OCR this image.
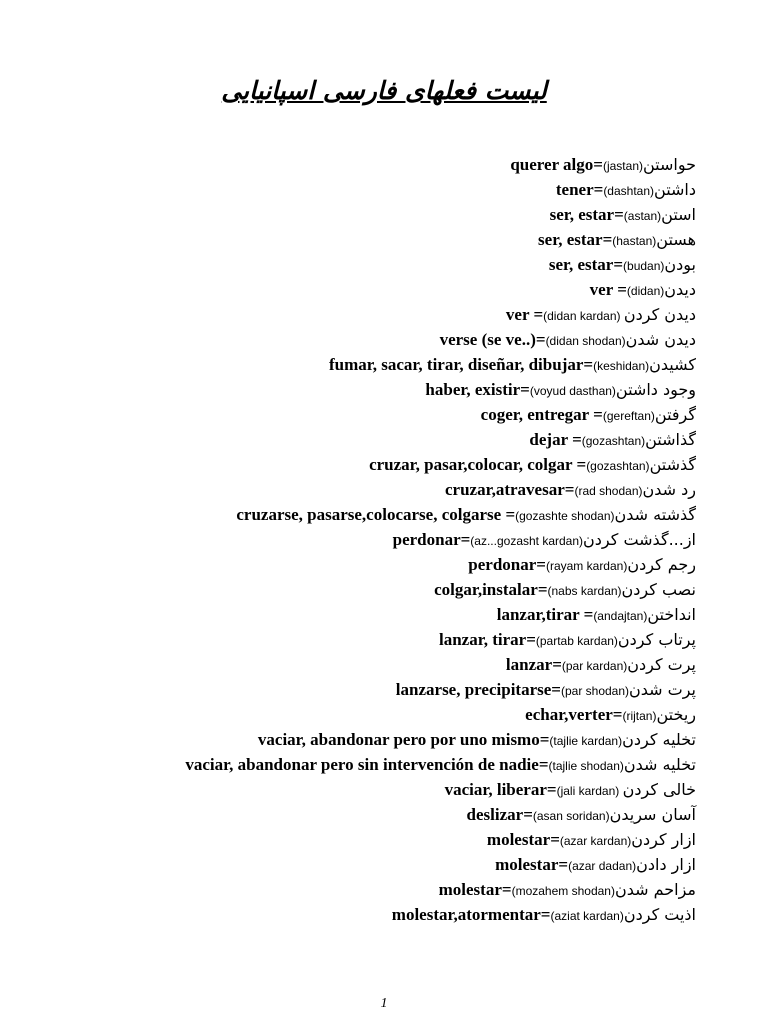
لیست فعلهای فارسی اسپانیایی
querer algo=(jastan)حواستن
tener=(dashtan)داشتن
ser, estar=(astan)استن
ser, estar=(hastan)هستن
ser, estar=(budan)بودن
ver =(didan)دیدن
ver =(didan kardan) دیدن کردن
verse (se ve..)=(didan shodan)دیدن شدن
fumar, sacar, tirar, diseñar, dibujar=(keshidan)کشیدن
haber, existir=(voyud dasthan)وجود داشتن
coger, entregar =(gereftan)گرفتن
dejar =(gozashtan)گذاشتن
cruzar, pasar,colocar, colgar =(gozashtan)گذشتن
cruzar,atravesar=(rad shodan)رد شدن
cruzarse, pasarse,colocarse, colgarse =(gozashte shodan)گذشته شدن
perdonar=(az...gozasht kardan)از...گذشت کردن
perdonar=(rayam kardan)رجم کردن
colgar,instalar=(nabs kardan)نصب کردن
lanzar,tirar =(andajtan)انداختن
lanzar, tirar=(partab kardan)پرتاب کردن
lanzar=(par kardan)پرت کردن
lanzarse, precipitarse=(par shodan)پرت شدن
echar,verter=(rijtan)ریختن
vaciar, abandonar pero por uno mismo=(tajlie kardan)تخلیه کردن
vaciar, abandonar pero sin intervención de nadie=(tajlie shodan)تخلیه شدن
vaciar, liberar=(jali kardan) خالی کردن
deslizar=(asan soridan)آسان سریدن
molestar=(azar kardan)ازار کردن
molestar=(azar dadan)ازار دادن
molestar=(mozahem shodan)مزاحم شدن
molestar,atormentar=(aziat kardan)اذیت کردن
1
